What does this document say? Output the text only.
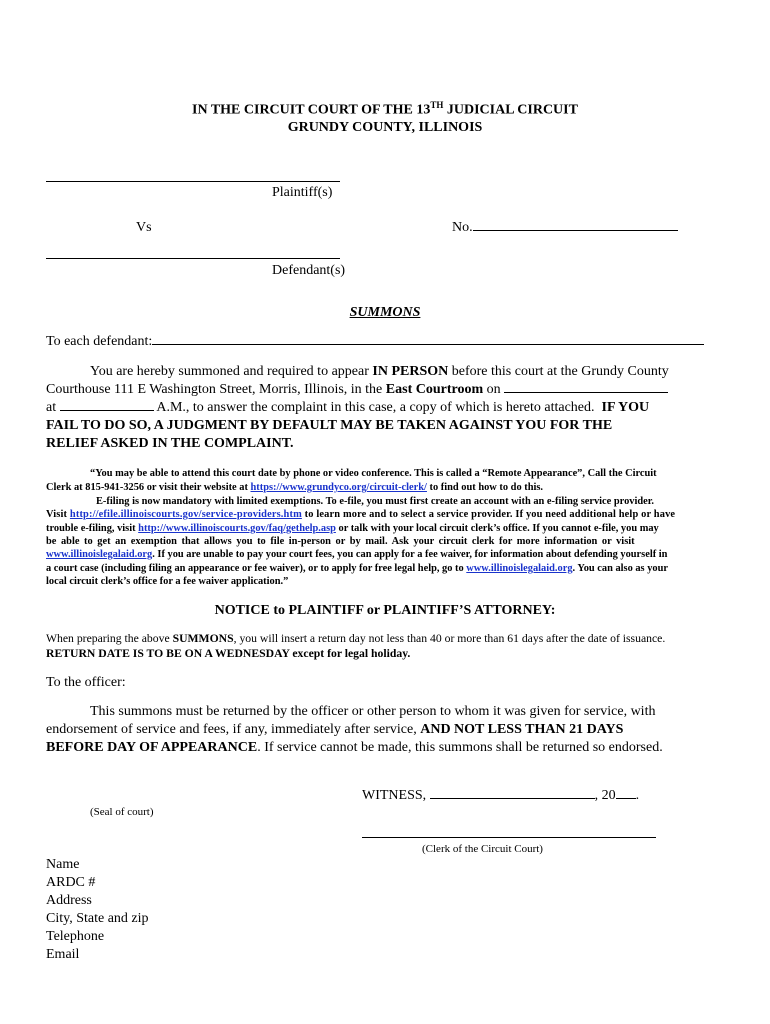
IN THE CIRCUIT COURT OF THE 13TH JUDICIAL CIRCUIT
GRUNDY COUNTY, ILLINOIS
Plaintiff(s)
Vs	No.
Defendant(s)
SUMMONS
To each defendant:
You are hereby summoned and required to appear IN PERSON before this court at the Grundy County
Courthouse 111 E Washington Street, Morris, Illinois, in the East Courtroom on
at	A.M., to answer the complaint in this case, a copy of which is hereto attached. IF YOU
FAIL TO DO SO, A JUDGMENT BY DEFAULT MAY BE TAKEN AGAINST YOU FOR THE
RELIEF ASKED IN THE COMPLAINT.
“You may be able to attend this court date by phone or video conference. This is called a “Remote Appearance”, Call the Circuit
Clerk at 815-941-3256 or visit their website at https://www.grundyco.org/circuit-clerk/ to find out how to do this.
E-filing is now mandatory with limited exemptions. To e-file, you must first create an account with an e-filing service provider.
Visit http://efile.illinoiscourts.gov/service-providers.htm to learn more and to select a service provider. If you need additional help or have
trouble e-filing, visit http://www.illinoiscourts.gov/faq/gethelp.asp or talk with your local circuit clerk’s office. If you cannot e-file, you may
be able to get an exemption that allows you to file in-person or by mail. Ask your circuit clerk for more information or visit
www.illinoislegalaid.org. If you are unable to pay your court fees, you can apply for a fee waiver, for information about defending yourself in
a court case (including filing an appearance or fee waiver), or to apply for free legal help, go to www.illinoislegalaid.org. You can also as your
local circuit clerk’s office for a fee waiver application.”
NOTICE to PLAINTIFF or PLAINTIFF’S ATTORNEY:
When preparing the above SUMMONS, you will insert a return day not less than 40 or more than 61 days after the date of issuance.
RETURN DATE IS TO BE ON A WEDNESDAY except for legal holiday.
To the officer:
This summons must be returned by the officer or other person to whom it was given for service, with
endorsement of service and fees, if any, immediately after service, AND NOT LESS THAN 21 DAYS
BEFORE DAY OF APPEARANCE. If service cannot be made, this summons shall be returned so endorsed.
WITNESS,	, 20 .
(Seal of court)
(Clerk of the Circuit Court)
Name
ARDC #
Address
City, State and zip
Telephone
Email
